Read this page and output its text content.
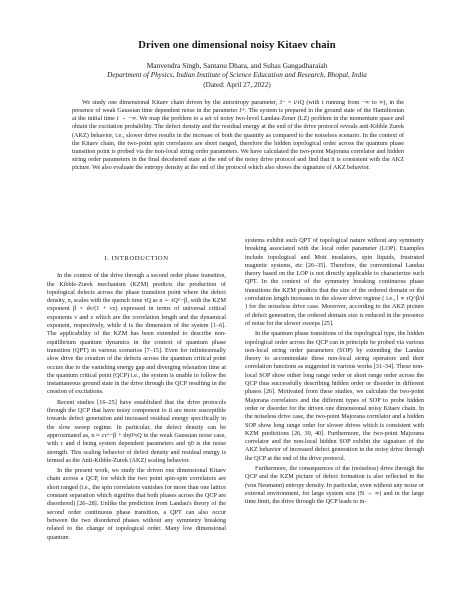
Driven one dimensional noisy Kitaev chain
Manvendra Singh, Santanu Dhara, and Suhas Gangadharaiah
Department of Physics, Indian Institute of Science Education and Research, Bhopal, India
(Dated: April 27, 2022)
We study one dimensional Kitaev chain driven by the anisotropy parameter, J− = t/τQ (with t running from −∞ to ∞), in the presence of weak Gaussian time dependent noise in the parameter J+. The system is prepared in the ground state of the Hamiltonian at the initial time t → −∞. We map the problem to a set of noisy two-level Landau-Zener (LZ) problem in the momentum space and obtain the excitation probability. The defect density and the residual energy at the end of the drive protocol reveals anti-Kibble Zurek (AKZ) behavior, i.e., slower drive results in the increase of both the quantity as compared to the noiseless scenario. In the context of the Kitaev chain, the two-point spin correlators are short ranged, therefore the hidden topological order across the quantum phase transition point is probed via the non-local string order parameters. We have calculated the two-point Majorana correlator and hidden string order parameters in the final decohered state at the end of the noisy drive protocol and find that it is consistent with the AKZ picture. We also evaluate the entropy density at the end of the protocol which also shows the signature of AKZ behavior.
I. INTRODUCTION

In the context of the drive through a second order phase transition, the Kibble-Zurek mechanism (KZM) predicts the production of topological defects across the phase transition point where the defect density, n, scales with the quench time τQ as n ∼ τQ^−β, with the KZM exponent β = dν/(1 + νz) expressed in terms of universal critical exponents ν and z which are the correlation length and the dynamical exponent, respectively, while d is the dimension of the system [1–6]. The applicability of the KZM has been extended to describe non-equilibrium quantum dynamics in the context of quantum phase transition (QPT) in various scenarios [7–15]. Even for infinitesimally slow drive the creation of the defects across the quantum critical point occurs due to the vanishing energy gap and diverging relaxation time at the quantum critical point (QCP) i.e., the system is unable to follow the instantaneous ground state in the drive through the QCP resulting in the creation of excitations.

Recent studies [16–25] have established that the drive protocols through the QCP that have noisy component to it are more susceptible towards defect generation and increased residual energy specifically in the slow sweep regime. In particular, the defect density can be approximated as, n ≈ cτ^−β + dη0²τQ in the weak Gaussian noise case, with c and d being system dependent parameters and η0 is the noise strength. This scaling behavior of defect density and residual energy is termed as the Anti-Kibble-Zurek (AKZ) scaling behavior.

In the present work, we study the driven one dimensional Kitaev chain across a QCP, for which the two point spin-spin correlators are short ranged (i.e., the spin correlators vanishes for more than one lattice constant separation which signifies that both phases across the QCP are disordered) [26–28]. Unlike the prediction from Landau's theory of the second order continuous phase transition, a QPT can also occur between the two disordered phases without any symmetry breaking related to the change of topological order. Many low dimensional quantum

systems exhibit such QPT of topological nature without any symmetry breaking associated with the local order parameter (LOP). Examples include topological and Mott insulators, spin liquids, frustrated magnetic systems, etc [26–35]. Therefore, the conventional Landau theory based on the LOP is not directly applicable to characterize such QPT. In the context of the symmetry breaking continuous phase transitions the KZM predicts that the size of the ordered domain or the correlation length increases in the slower drive regime ( i.e., l ∝ τQ^β/d ) for the noiseless drive case. Moreover, according to the AKZ picture of defect generation, the ordered domain size is reduced in the presence of noise for the slower sweeps [25].

In the quantum phase transitions of the topological type, the hidden topological order across the QCP can in principle be probed via various non-local string order parameters (SOP) by extending the Landau theory to accommodate these non-local string operators and their correlation functions as suggested in various works [31–34]. These non-local SOP show either long range order or short range order across the QCP thus successfully describing hidden order or disorder in different phases [26]. Motivated from these studies, we calculate the two-point Majorana correlators and the different types of SOP to probe hidden order or disorder for the driven one dimensional noisy Kitaev chain. In the noiseless drive case, the two-point Majorana correlator and a hidden SOP show long range order for slower drives which is consistent with KZM predictions [26, 39, 40]. Furthermore, the two-point Majorana correlator and the non-local hidden SOP exhibit the signature of the AKZ behavior of increased defect generation in the noisy drive through the QCP at the end of the drive protocol.

Furthermore, the consequences of the (noiseless) drive through the QCP and the KZM picture of defect formation is also reflected in the (von Neumann) entropy density. In particular, even without any noise or external environment, for large system size (N → ∞) and in the large time limit, the drive through the QCP leads to in-
